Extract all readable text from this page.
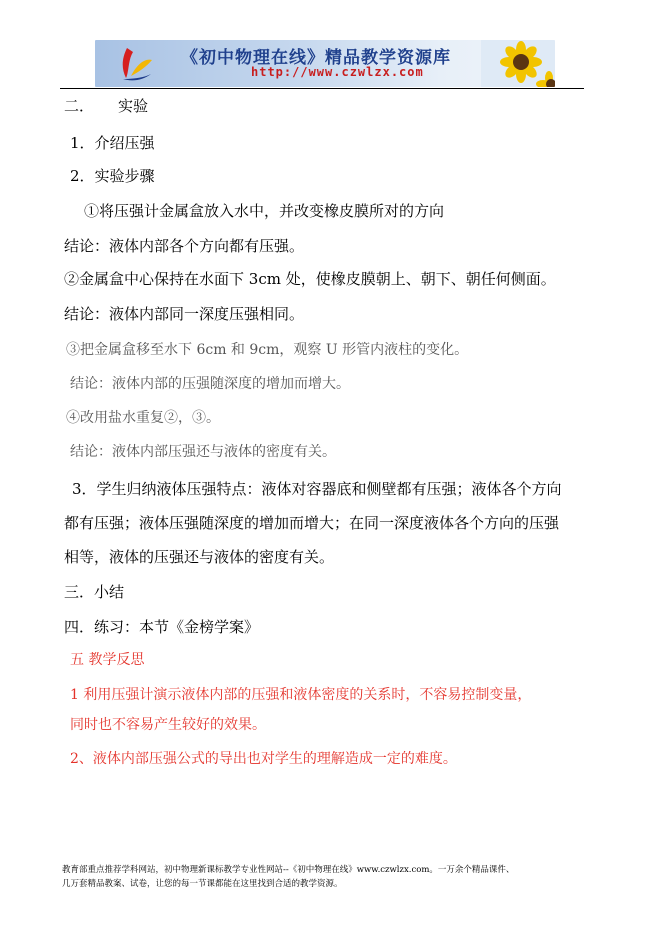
《初中物理在线》精品教学资源库
http://www.czwlzx.com
二． 实验
1．介绍压强
2．实验步骤
①将压强计金属盒放入水中，并改变橡皮膜所对的方向
结论：液体内部各个方向都有压强。
②金属盒中心保持在水面下 3cm 处，使橡皮膜朝上、朝下、朝任何侧面。
结论：液体内部同一深度压强相同。
③把金属盒移至水下 6cm 和 9cm，观察 U 形管内液柱的变化。
结论：液体内部的压强随深度的增加而增大。
④改用盐水重复②，③。
结论：液体内部压强还与液体的密度有关。
3．学生归纳液体压强特点：液体对容器底和侧壁都有压强；液体各个方向
都有压强；液体压强随深度的增加而增大；在同一深度液体各个方向的压强
相等，液体的压强还与液体的密度有关。
三．小结
四．练习：本节《金榜学案》
五 教学反思
1 利用压强计演示液体内部的压强和液体密度的关系时，不容易控制变量，
同时也不容易产生较好的效果。
2、液体内部压强公式的导出也对学生的理解造成一定的难度。
教育部重点推荐学科网站，初中物理新课标教学专业性网站--《初中物理在线》www.czwlzx.com。一万余个精品课件、
几万套精品教案、试卷，让您的每一节课都能在这里找到合适的教学资源。
